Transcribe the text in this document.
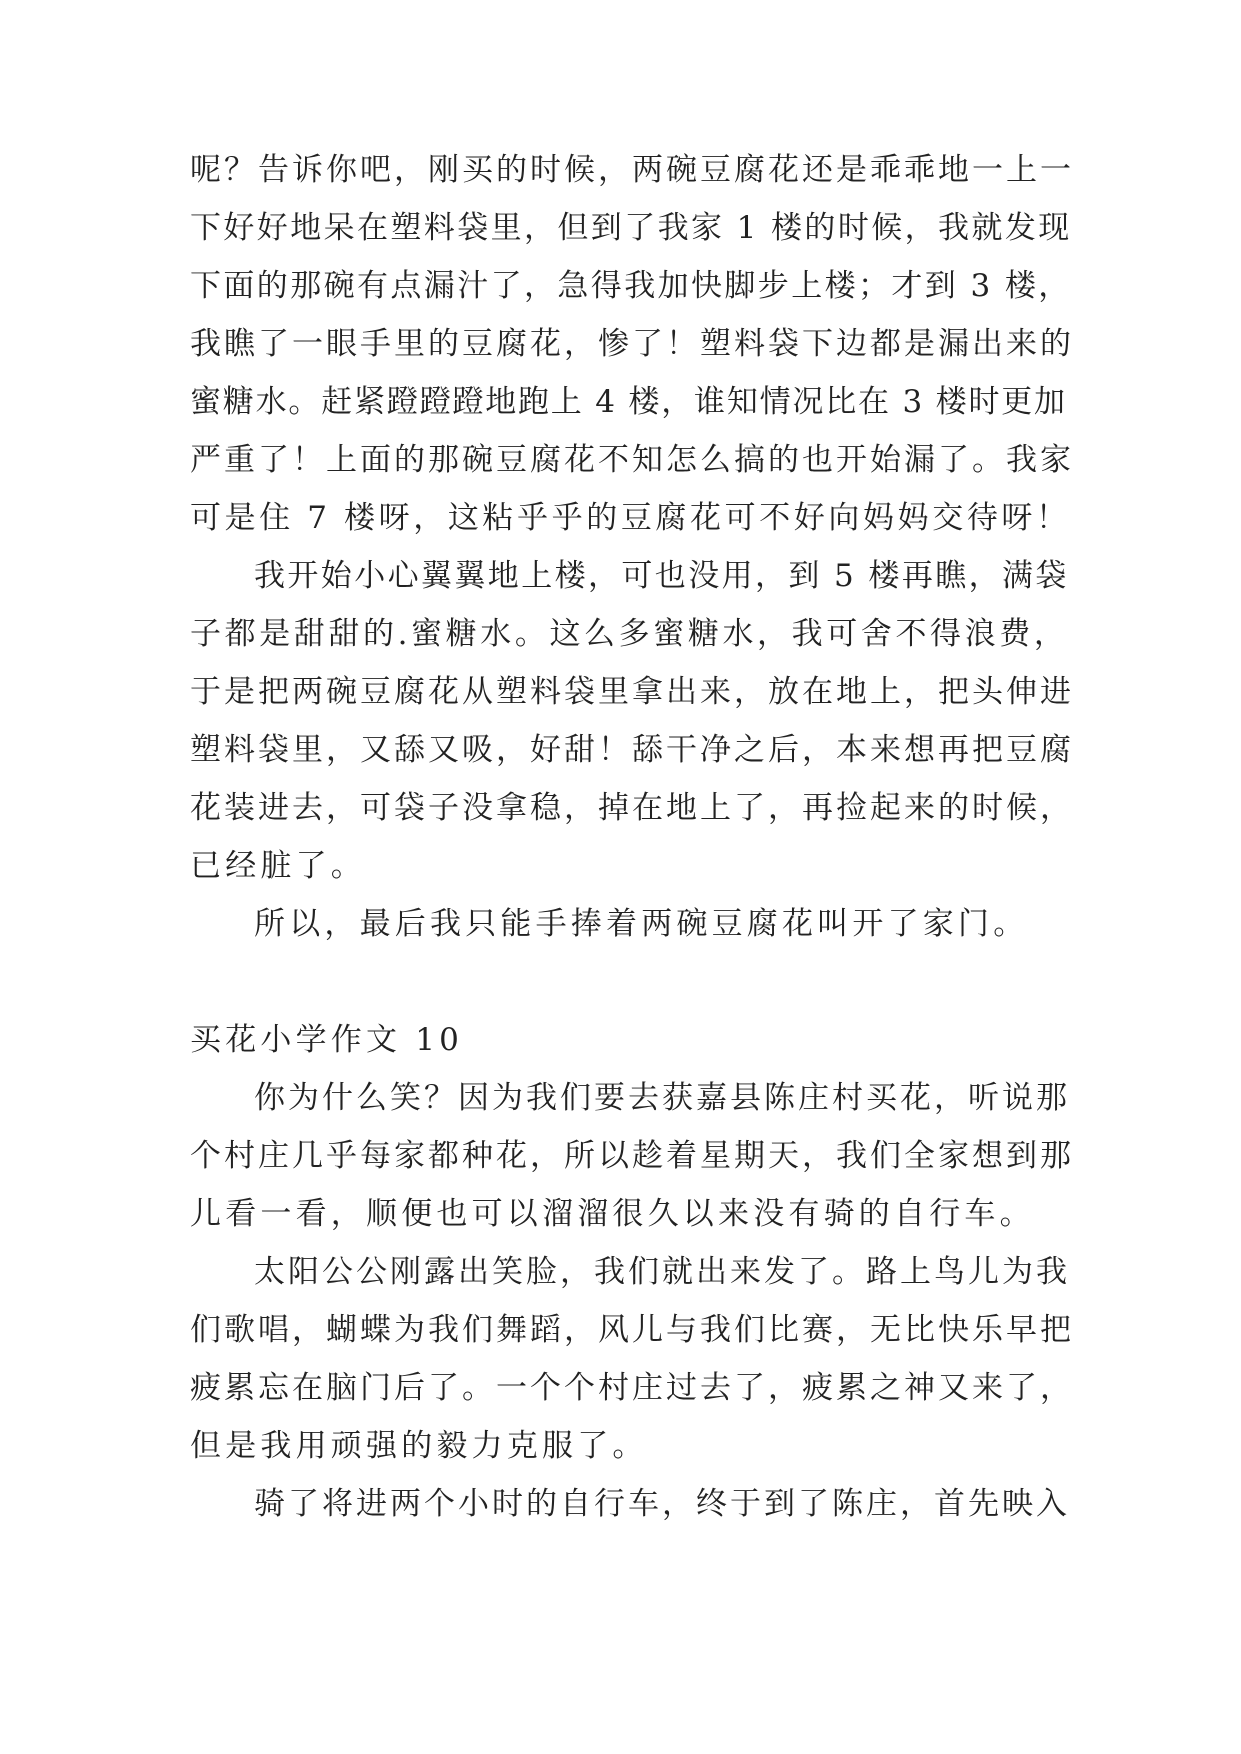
呢？告诉你吧，刚买的时候，两碗豆腐花还是乖乖地一上一
下好好地呆在塑料袋里，但到了我家 1 楼的时候，我就发现
下面的那碗有点漏汁了，急得我加快脚步上楼；才到 3 楼，
我瞧了一眼手里的豆腐花，惨了！塑料袋下边都是漏出来的
蜜糖水。赶紧蹬蹬蹬地跑上 4 楼，谁知情况比在 3 楼时更加
严重了！上面的那碗豆腐花不知怎么搞的也开始漏了。我家
可是住 7 楼呀，这粘乎乎的豆腐花可不好向妈妈交待呀！
我开始小心翼翼地上楼，可也没用，到 5 楼再瞧，满袋
子都是甜甜的.蜜糖水。这么多蜜糖水，我可舍不得浪费，
于是把两碗豆腐花从塑料袋里拿出来，放在地上，把头伸进
塑料袋里，又舔又吸，好甜！舔干净之后，本来想再把豆腐
花装进去，可袋子没拿稳，掉在地上了，再捡起来的时候，
已经脏了。
所以，最后我只能手捧着两碗豆腐花叫开了家门。
买花小学作文 10
你为什么笑？因为我们要去获嘉县陈庄村买花，听说那
个村庄几乎每家都种花，所以趁着星期天，我们全家想到那
儿看一看，顺便也可以溜溜很久以来没有骑的自行车。
太阳公公刚露出笑脸，我们就出来发了。路上鸟儿为我
们歌唱，蝴蝶为我们舞蹈，风儿与我们比赛，无比快乐早把
疲累忘在脑门后了。一个个村庄过去了，疲累之神又来了，
但是我用顽强的毅力克服了。
骑了将进两个小时的自行车，终于到了陈庄，首先映入
